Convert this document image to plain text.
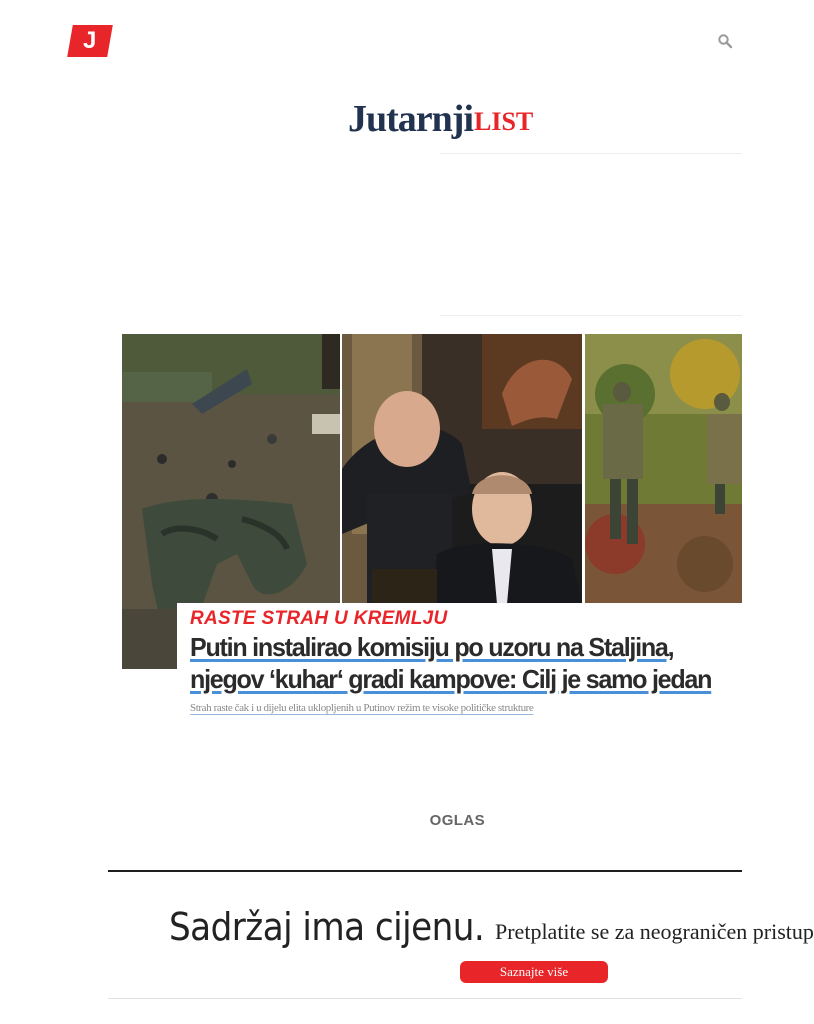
J
Jutarnji LIST
RASTE STRAH U KREMLJU
Putin instalirao komisiju po uzoru na Staljina, njegov ‘kuhar‘ gradi kampove: Cilj je samo jedan
Strah raste čak i u dijelu elita uklopljenih u Putinov režim te visoke političke strukture
OGLAS
Sadržaj ima cijenu. Pretplatite se za neograničen pristup
Saznajte više
